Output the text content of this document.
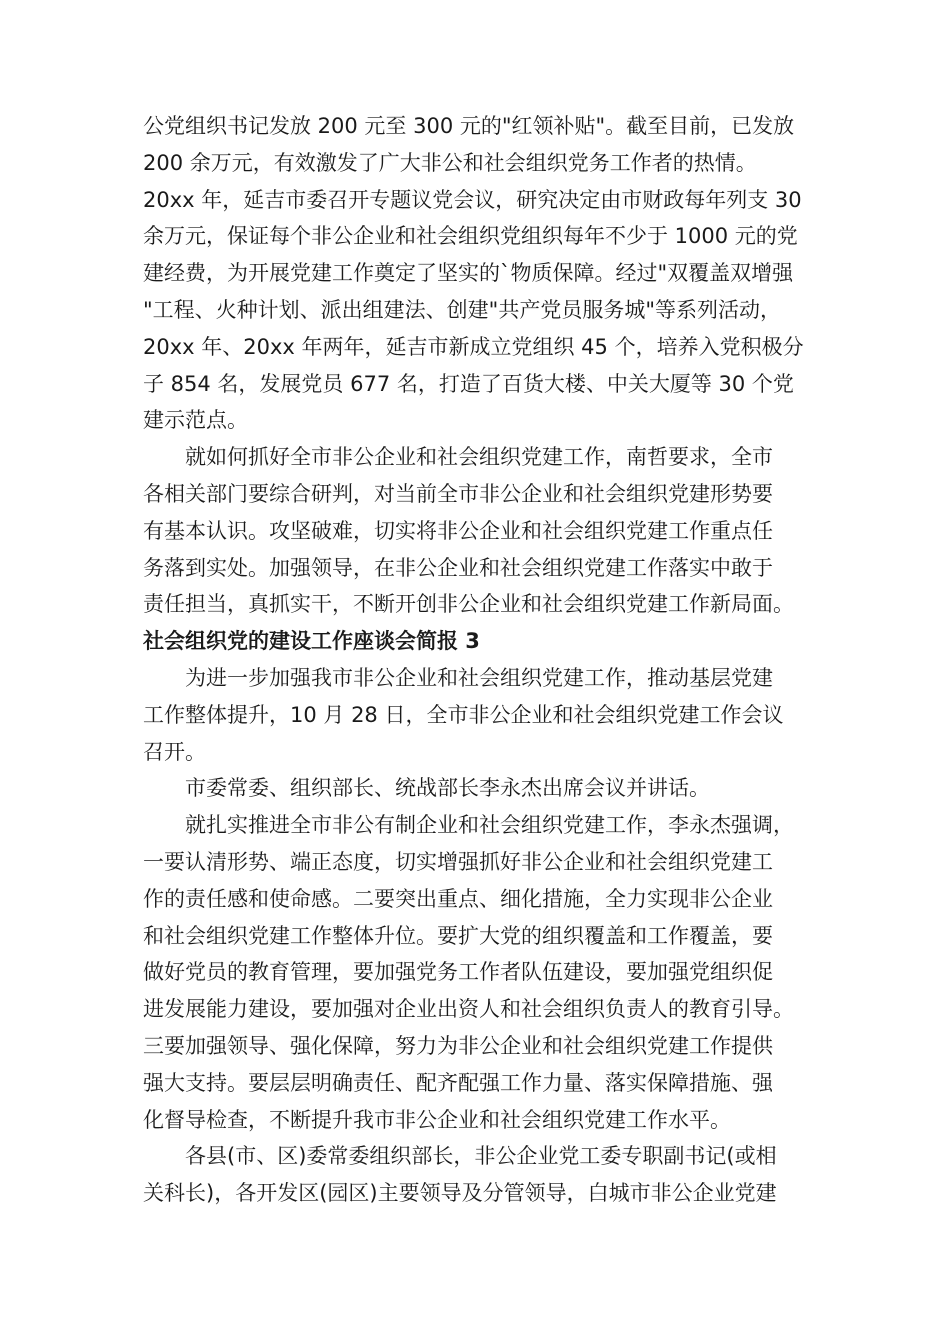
公党组织书记发放 200 元至 300 元的"红领补贴"。截至目前，已发放
200 余万元，有效激发了广大非公和社会组织党务工作者的热情。
20xx 年，延吉市委召开专题议党会议，研究决定由市财政每年列支 30
余万元，保证每个非公企业和社会组织党组织每年不少于 1000 元的党
建经费，为开展党建工作奠定了坚实的`物质保障。经过"双覆盖双增强
"工程、火种计划、派出组建法、创建"共产党员服务城"等系列活动，
20xx 年、20xx 年两年，延吉市新成立党组织 45 个，培养入党积极分
子 854 名，发展党员 677 名，打造了百货大楼、中关大厦等 30 个党
建示范点。
就如何抓好全市非公企业和社会组织党建工作，南哲要求，全市
各相关部门要综合研判，对当前全市非公企业和社会组织党建形势要
有基本认识。攻坚破难，切实将非公企业和社会组织党建工作重点任
务落到实处。加强领导，在非公企业和社会组织党建工作落实中敢于
责任担当，真抓实干，不断开创非公企业和社会组织党建工作新局面。
社会组织党的建设工作座谈会简报 3
为进一步加强我市非公企业和社会组织党建工作，推动基层党建
工作整体提升，10 月 28 日，全市非公企业和社会组织党建工作会议
召开。
市委常委、组织部长、统战部长李永杰出席会议并讲话。
就扎实推进全市非公有制企业和社会组织党建工作，李永杰强调，
一要认清形势、端正态度，切实增强抓好非公企业和社会组织党建工
作的责任感和使命感。二要突出重点、细化措施，全力实现非公企业
和社会组织党建工作整体升位。要扩大党的组织覆盖和工作覆盖，要
做好党员的教育管理，要加强党务工作者队伍建设，要加强党组织促
进发展能力建设，要加强对企业出资人和社会组织负责人的教育引导。
三要加强领导、强化保障，努力为非公企业和社会组织党建工作提供
强大支持。要层层明确责任、配齐配强工作力量、落实保障措施、强
化督导检查，不断提升我市非公企业和社会组织党建工作水平。
各县(市、区)委常委组织部长，非公企业党工委专职副书记(或相
关科长)，各开发区(园区)主要领导及分管领导，白城市非公企业党建
